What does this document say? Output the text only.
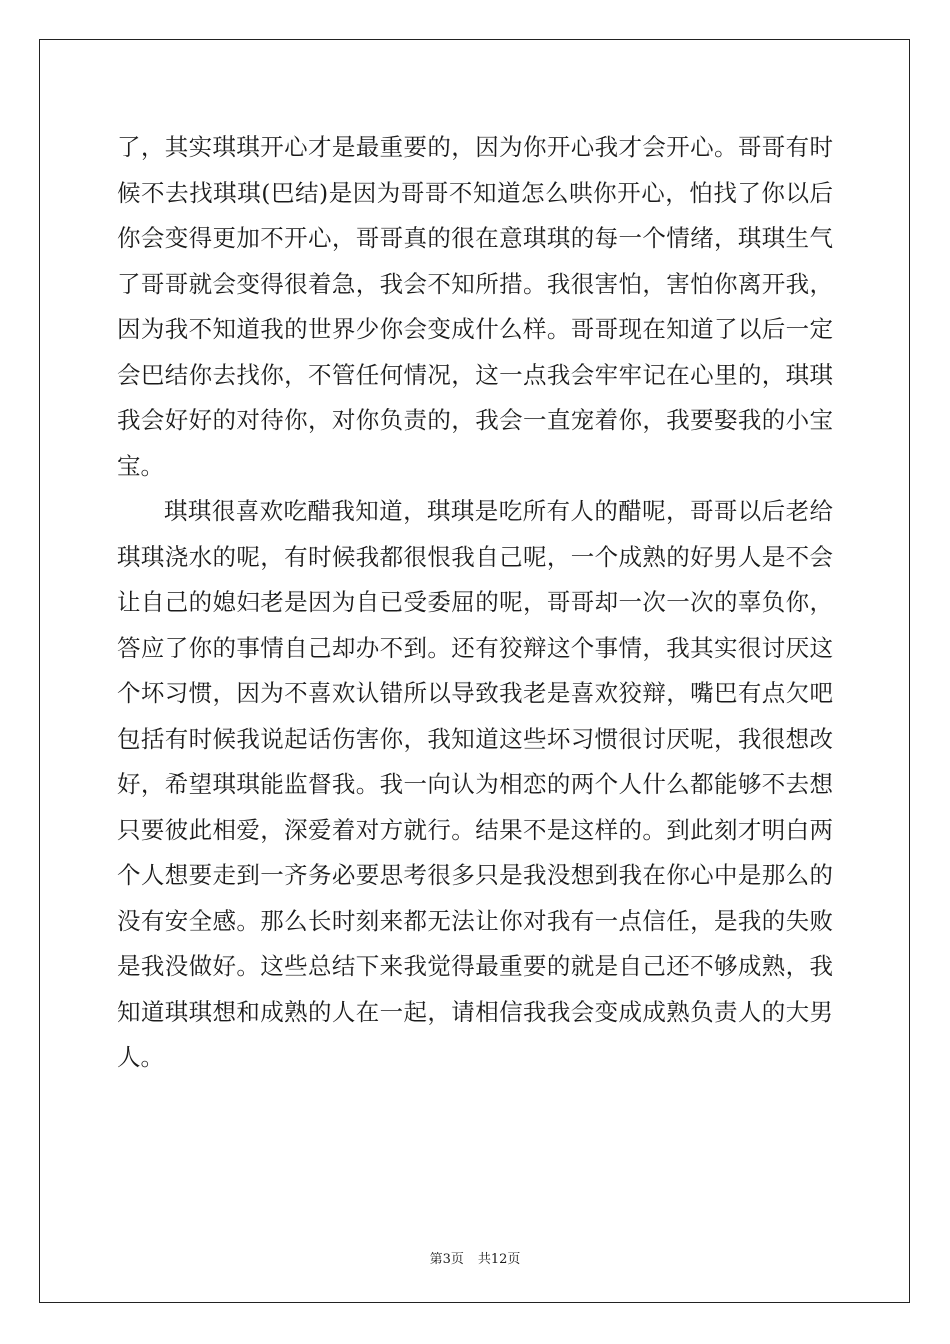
了，其实琪琪开心才是最重要的，因为你开心我才会开心。哥哥有时
候不去找琪琪(巴结)是因为哥哥不知道怎么哄你开心，怕找了你以后
你会变得更加不开心，哥哥真的很在意琪琪的每一个情绪，琪琪生气
了哥哥就会变得很着急，我会不知所措。我很害怕，害怕你离开我，
因为我不知道我的世界少你会变成什么样。哥哥现在知道了以后一定
会巴结你去找你，不管任何情况，这一点我会牢牢记在心里的，琪琪
我会好好的对待你，对你负责的，我会一直宠着你，我要娶我的小宝
宝。
琪琪很喜欢吃醋我知道，琪琪是吃所有人的醋呢，哥哥以后老给
琪琪浇水的呢，有时候我都很恨我自己呢，一个成熟的好男人是不会
让自己的媳妇老是因为自已受委屈的呢，哥哥却一次一次的辜负你，
答应了你的事情自己却办不到。还有狡辩这个事情，我其实很讨厌这
个坏习惯，因为不喜欢认错所以导致我老是喜欢狡辩，嘴巴有点欠吧
包括有时候我说起话伤害你，我知道这些坏习惯很讨厌呢，我很想改
好，希望琪琪能监督我。我一向认为相恋的两个人什么都能够不去想
只要彼此相爱，深爱着对方就行。结果不是这样的。到此刻才明白两
个人想要走到一齐务必要思考很多只是我没想到我在你心中是那么的
没有安全感。那么长时刻来都无法让你对我有一点信任，是我的失败
是我没做好。这些总结下来我觉得最重要的就是自己还不够成熟，我
知道琪琪想和成熟的人在一起，请相信我我会变成成熟负责人的大男
人。
第3页 共12页
